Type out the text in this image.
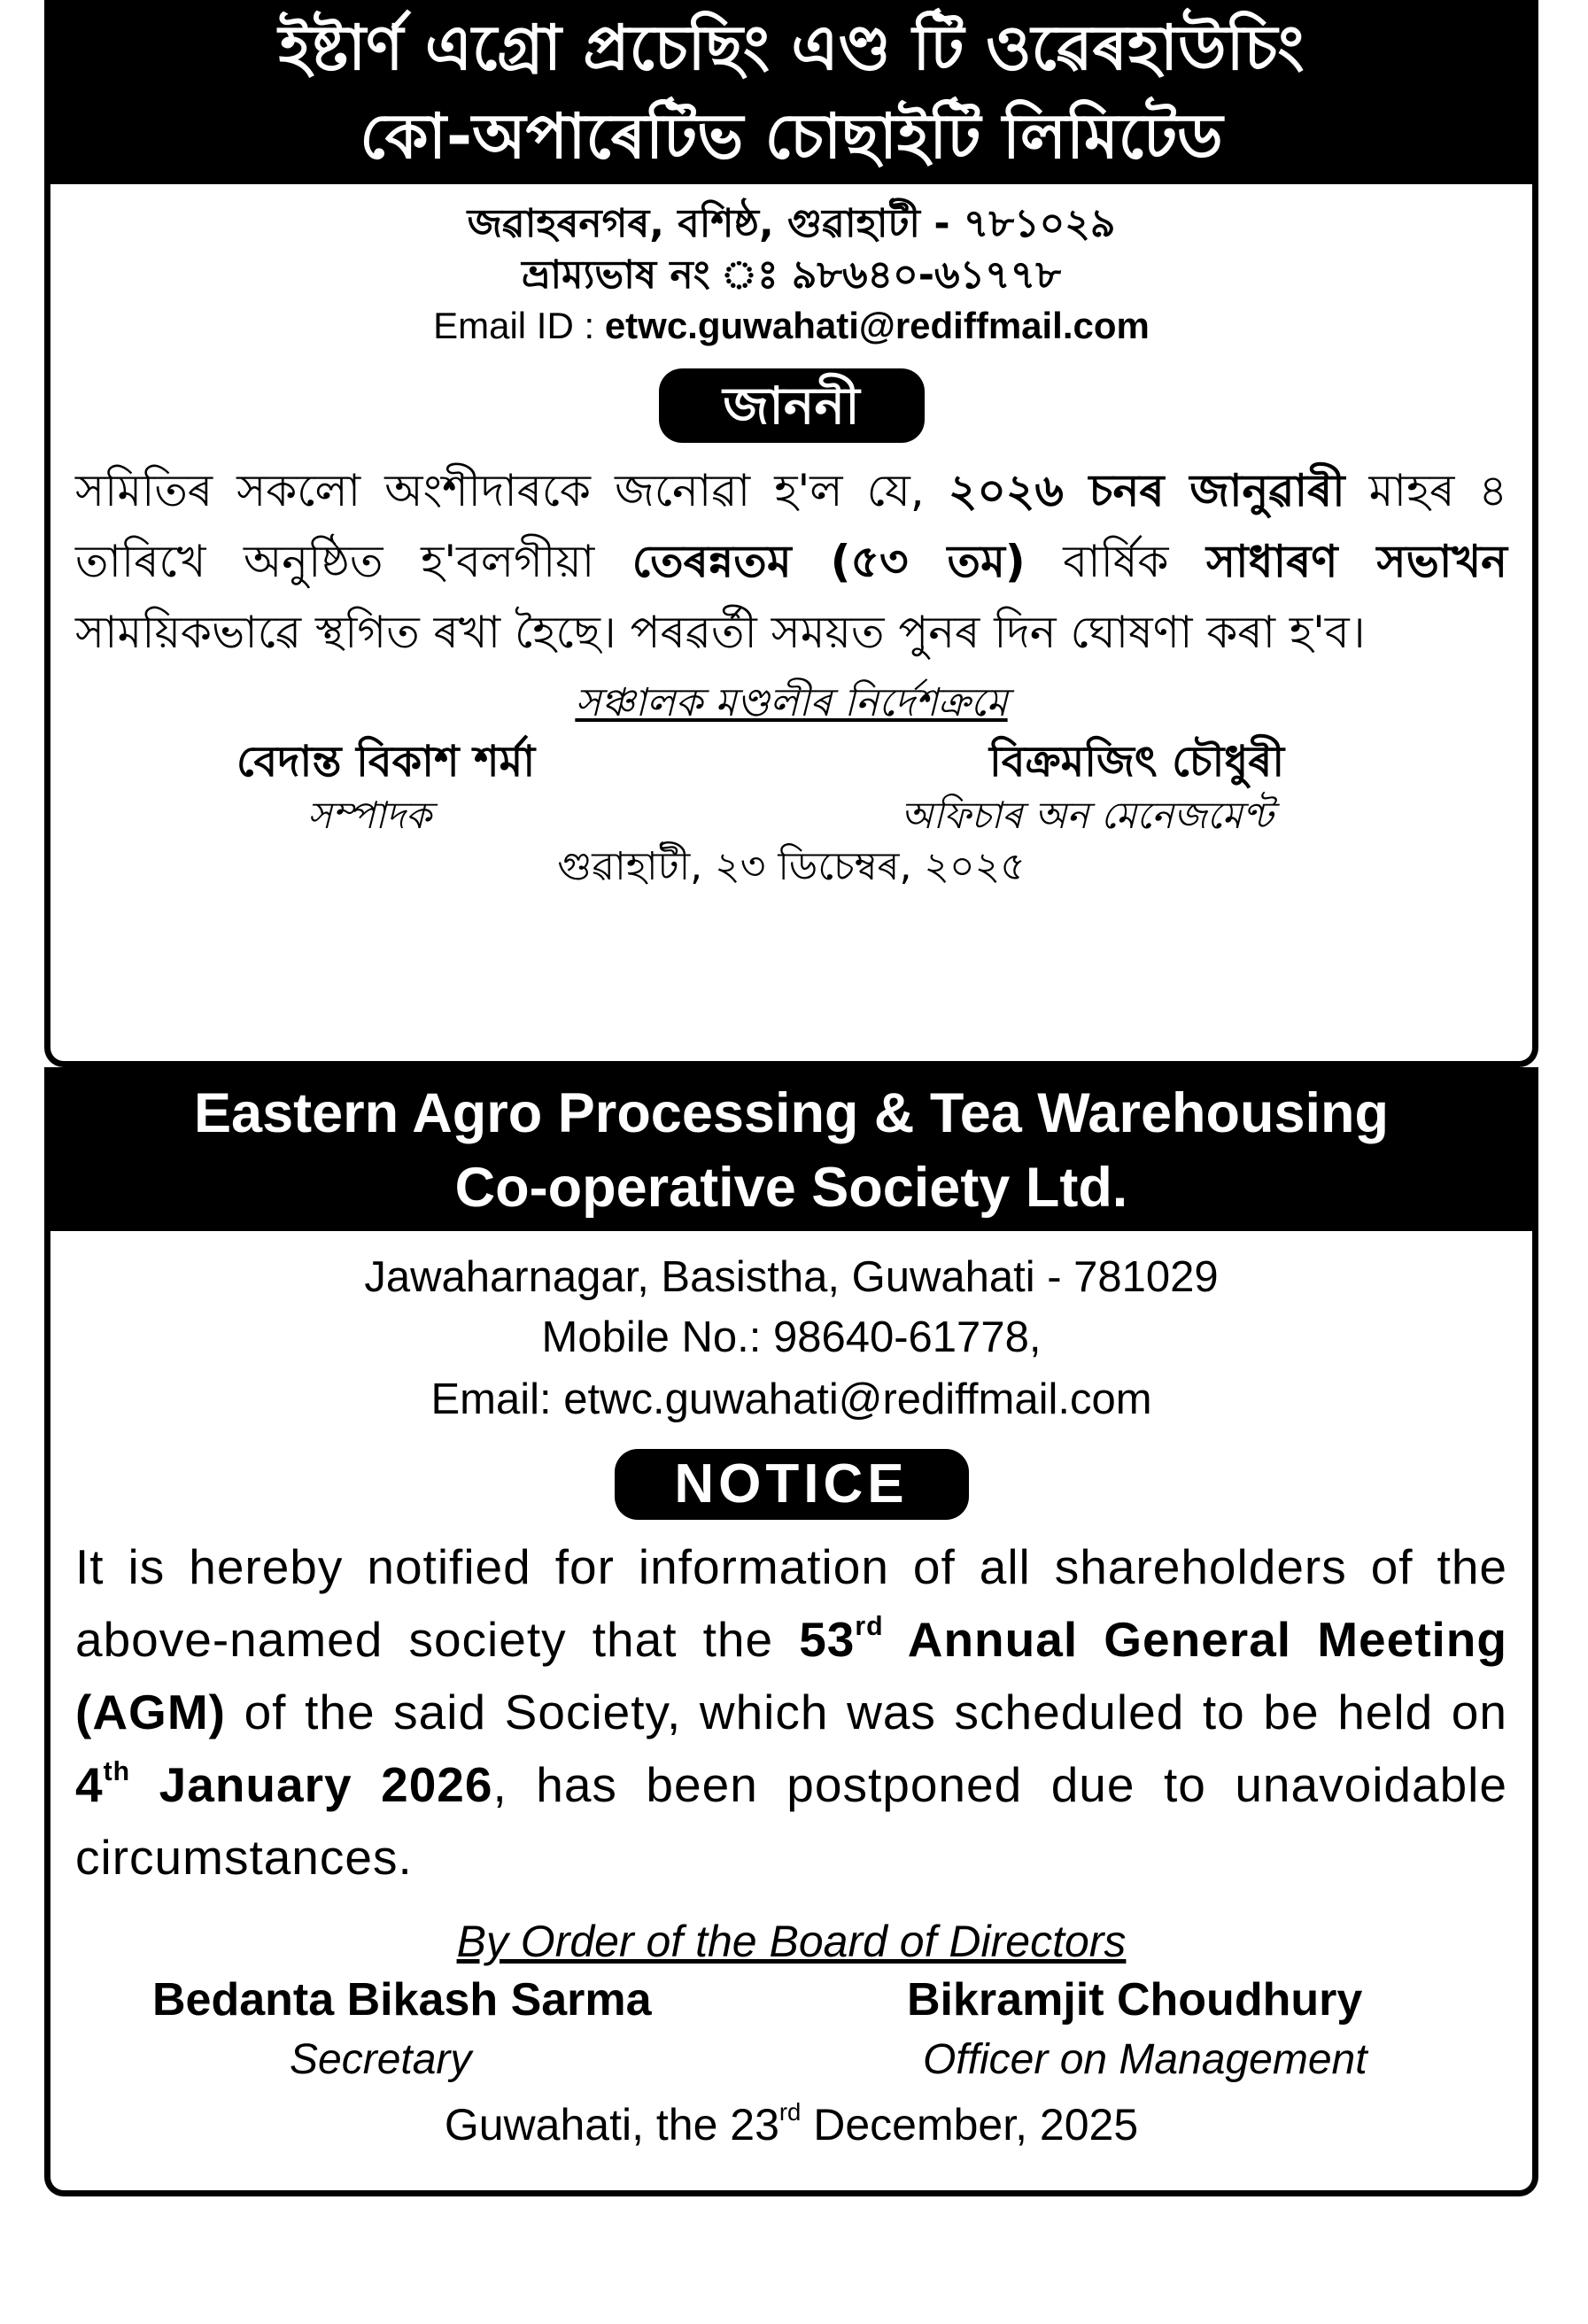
ইষ্টাৰ্ণ এগ্ৰো প্ৰচেছিং এণ্ড টি ওৱেৰহাউচিং
কো-অপাৰেটিভ চোছাইটি লিমিটেড
জৱাহৰনগৰ, বশিষ্ঠ, গুৱাহাটী - ৭৮১০২৯
ভ্ৰাম্যভাষ নং ঃ ৯৮৬৪০-৬১৭৭৮
Email ID : etwc.guwahati@rediffmail.com
জাননী
সমিতিৰ সকলো অংশীদাৰকে জনোৱা হ'ল যে, ২০২৬ চনৰ জানুৱাৰী মাহৰ ৪ তাৰিখে অনুষ্ঠিত হ'বলগীয়া তেৰন্নতম (৫৩ তম) বাৰ্ষিক সাধাৰণ সভাখন সাময়িকভাৱে স্থগিত ৰখা হৈছে। পৰৱৰ্তী সময়ত পুনৰ দিন ঘোষণা কৰা হ'ব।
সঞ্চালক মণ্ডলীৰ নিৰ্দেশক্ৰমে
বেদান্ত বিকাশ শৰ্মা	বিক্ৰমজিৎ চৌধুৰী
সম্পাদক	অফিচাৰ অন মেনেজমেণ্ট
গুৱাহাটী, ২৩ ডিচেম্বৰ, ২০২৫
Eastern Agro Processing & Tea Warehousing
Co-operative Society Ltd.
Jawaharnagar, Basistha, Guwahati - 781029
Mobile No.: 98640-61778,
Email: etwc.guwahati@rediffmail.com
NOTICE
It is hereby notified for information of all shareholders of the above-named society that the 53rd Annual General Meeting (AGM) of the said Society, which was scheduled to be held on 4th January 2026, has been postponed due to unavoidable circumstances.
By Order of the Board of Directors
Bedanta Bikash Sarma	Bikramjit Choudhury
Secretary	Officer on Management
Guwahati, the 23rd December, 2025
